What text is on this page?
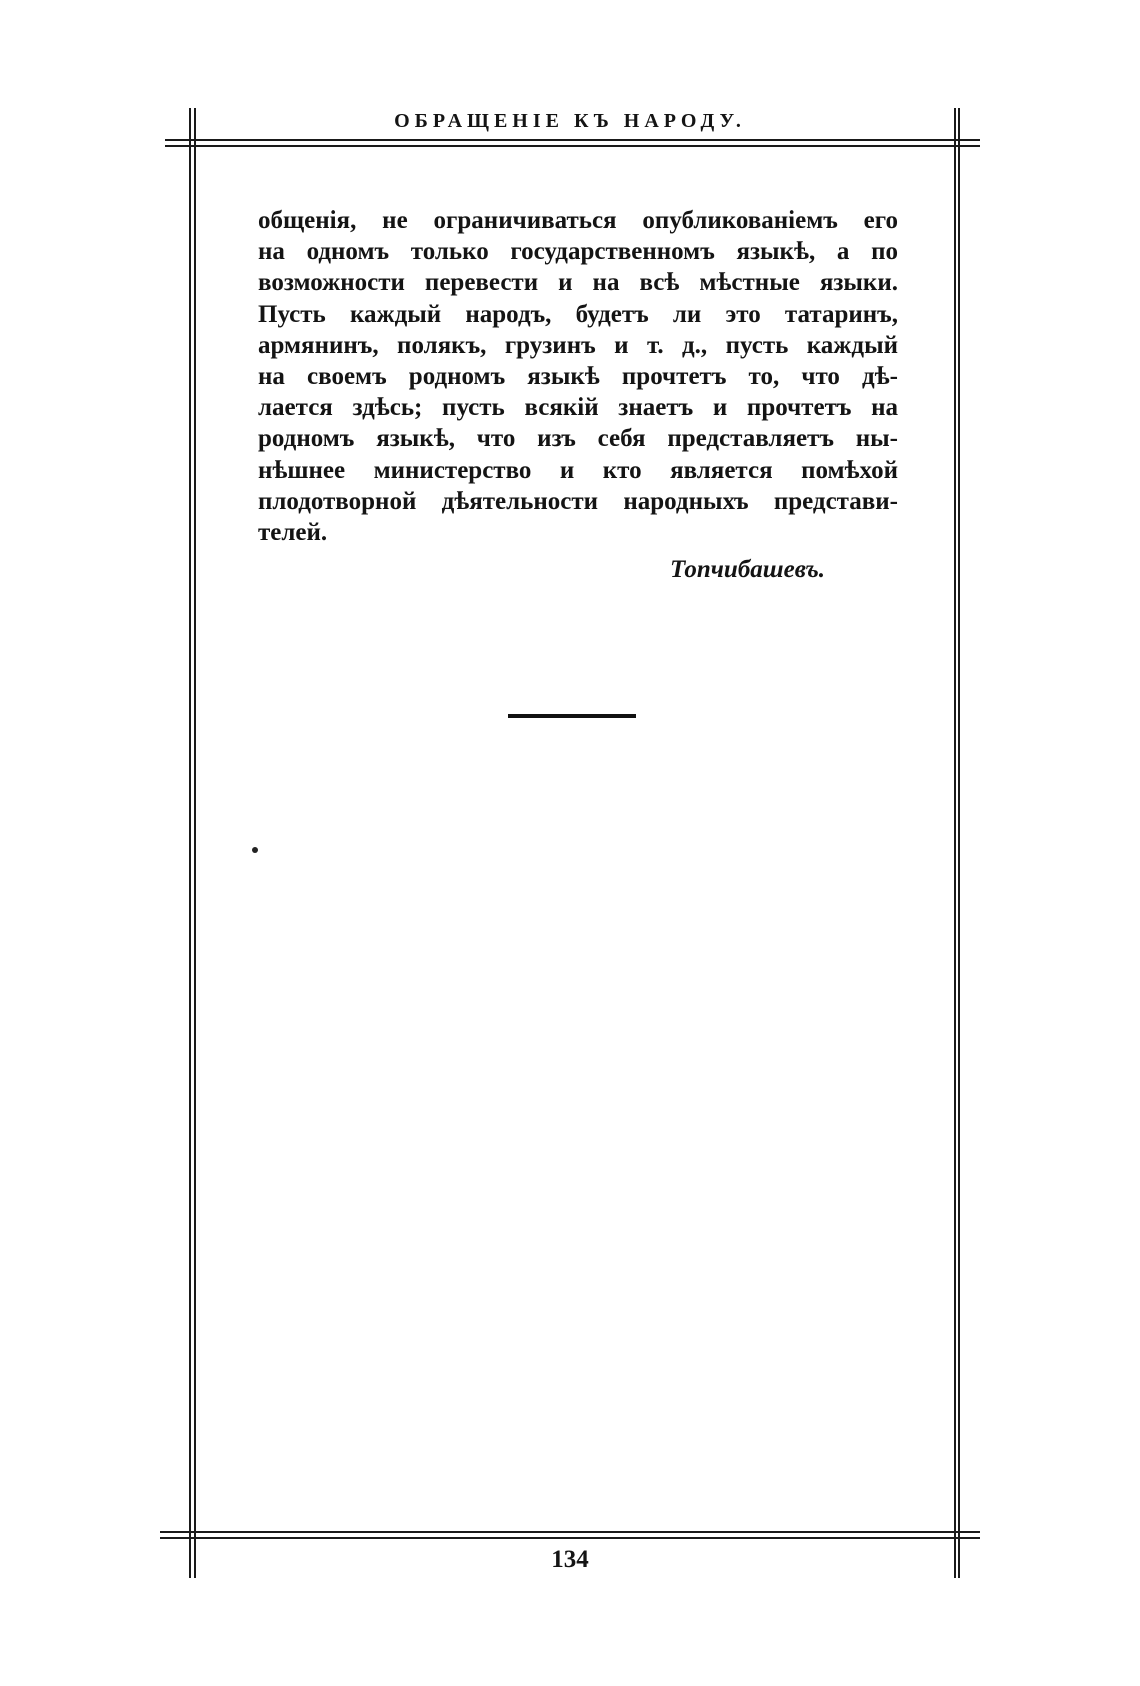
ОБРАЩЕНІЕ КЪ НАРОДУ.
общенія, не ограничиваться опубликованіемъ его
на одномъ только государственномъ языкѣ, а по
возможности перевести и на всѣ мѣстные языки.
Пусть каждый народъ, будетъ ли это татаринъ,
армянинъ, полякъ, грузинъ и т. д., пусть каждый
на своемъ родномъ языкѣ прочтетъ то, что дѣ-
лается здѣсь; пусть всякій знаетъ и прочтетъ на
родномъ языкѣ, что изъ себя представляетъ ны-
нѣшнее министерство и кто является помѣхой
плодотворной дѣятельности народныхъ представи-
телей.
Топчибашевъ.
134
